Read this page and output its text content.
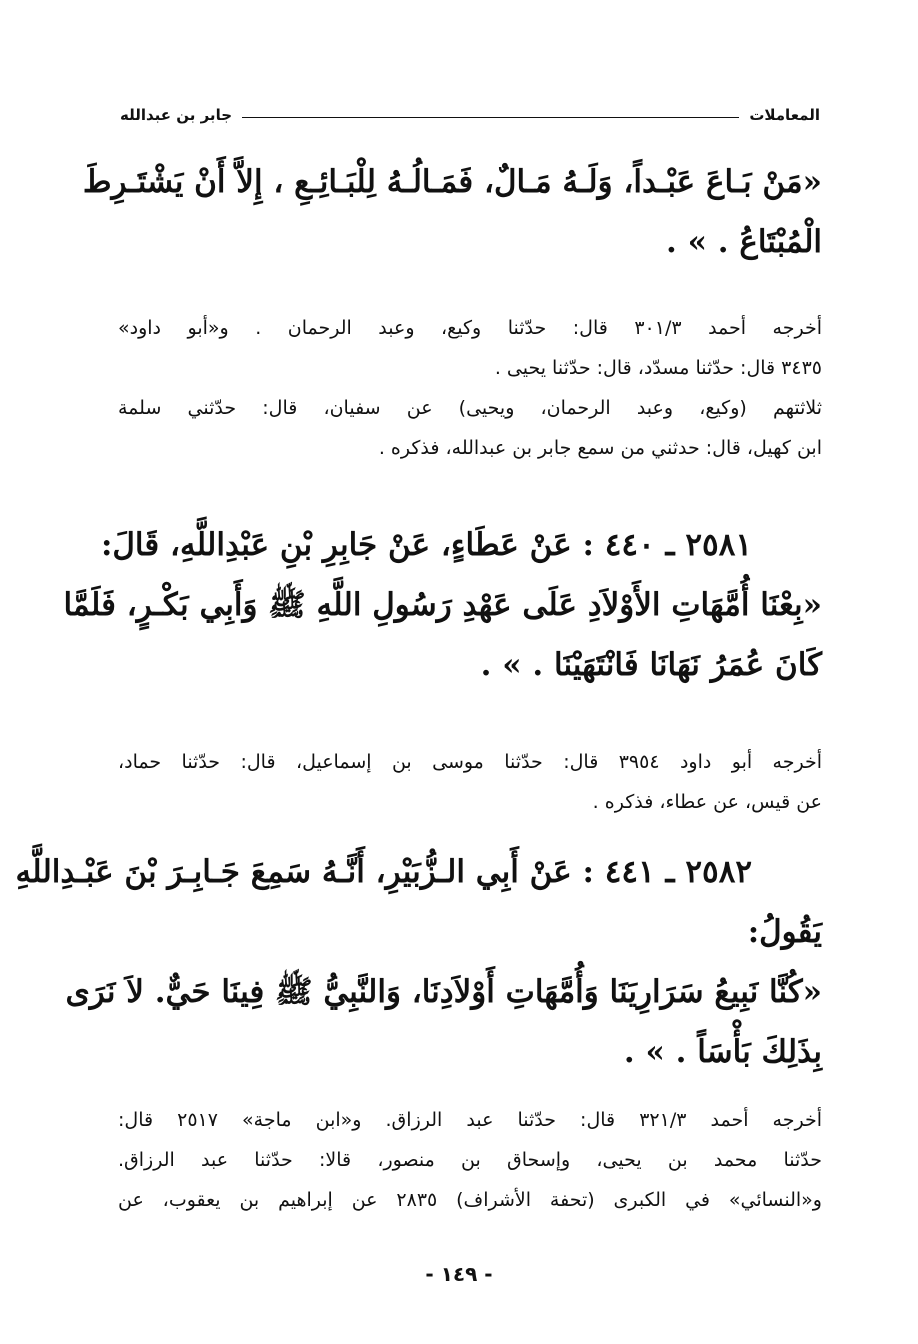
المعاملات
جابر بن عبدالله
«مَنْ بَـاعَ عَبْـداً، وَلَـهُ مَـالٌ، فَمَـالُـهُ لِلْبَـائِـعِ ، إِلاَّ أَنْ يَشْتَـرِطَ
الْمُبْتَاعُ . » .
أخرجه أحمد ٣٠١/٣ قال: حدّثنا وكيع، وعبد الرحمان . و«أبو داود»
٣٤٣٥ قال: حدّثنا مسدّد، قال: حدّثنا يحيى .
ثلاثتهم (وكيع، وعبد الرحمان، ويحيى) عن سفيان، قال: حدّثني سلمة
ابن كهيل، قال: حدثني من سمع جابر بن عبدالله، فذكره .
٢٥٨١ ـ ٤٤٠ : عَنْ عَطَاءٍ، عَنْ جَابِرِ بْنِ عَبْدِاللَّهِ، قَالَ:
«بِعْنَا أُمَّهَاتِ الأَوْلاَدِ عَلَى عَهْدِ رَسُولِ اللَّهِ ﷺ وَأَبِي بَكْـرٍ، فَلَمَّا
كَانَ عُمَرُ نَهَانَا فَانْتَهَيْنَا . » .
أخرجه أبو داود ٣٩٥٤ قال: حدّثنا موسى بن إسماعيل، قال: حدّثنا حماد،
عن قيس، عن عطاء، فذكره .
٢٥٨٢ ـ ٤٤١ : عَنْ أَبِي الـزُّبَيْرِ، أَنَّـهُ سَمِعَ جَـابِـرَ بْنَ عَبْـدِاللَّهِ
يَقُولُ:
«كُنَّا نَبِيعُ سَرَارِيَنَا وَأُمَّهَاتِ أَوْلاَدِنَا، وَالنَّبِيُّ ﷺ فِينَا حَيٌّ. لاَ نَرَى
بِذَلِكَ بَأْسَاً . » .
أخرجه أحمد ٣٢١/٣ قال: حدّثنا عبد الرزاق. و«ابن ماجة» ٢٥١٧ قال:
حدّثنا محمد بن يحيى، وإسحاق بن منصور، قالا: حدّثنا عبد الرزاق.
و«النسائي» في الكبرى (تحفة الأشراف) ٢٨٣٥ عن إبراهيم بن يعقوب، عن
- ١٤٩ -
